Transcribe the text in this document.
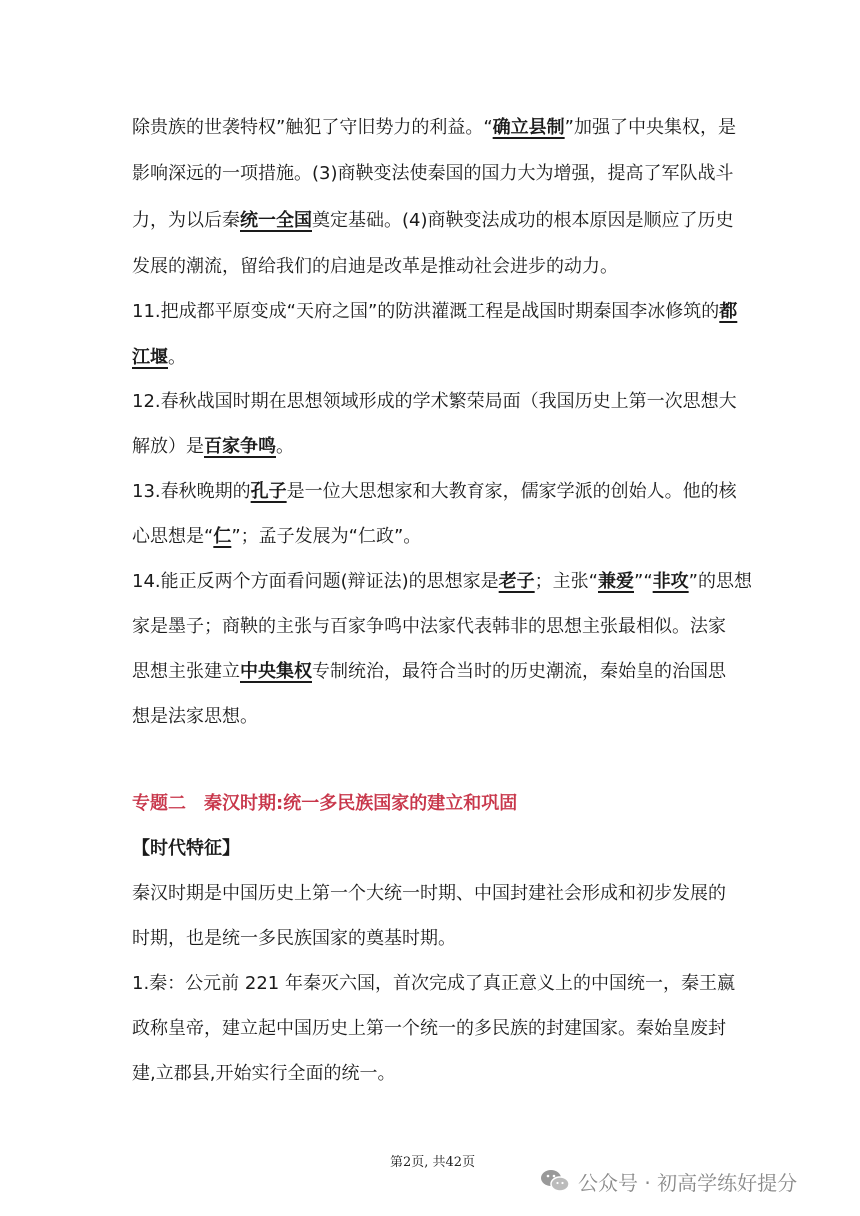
除贵族的世袭特权”触犯了守旧势力的利益。“确立县制”加强了中央集权，是
影响深远的一项措施。(3)商鞅变法使秦国的国力大为增强，提高了军队战斗
力，为以后秦统一全国奠定基础。(4)商鞅变法成功的根本原因是顺应了历史
发展的潮流，留给我们的启迪是改革是推动社会进步的动力。
11.把成都平原变成“天府之国”的防洪灌溉工程是战国时期秦国李冰修筑的都
江堰。
12.春秋战国时期在思想领域形成的学术繁荣局面（我国历史上第一次思想大
解放）是百家争鸣。
13.春秋晚期的孔子是一位大思想家和大教育家，儒家学派的创始人。他的核
心思想是“仁”；孟子发展为“仁政”。
14.能正反两个方面看问题(辩证法)的思想家是老子；主张“兼爱”“非攻”的思想
家是墨子；商鞅的主张与百家争鸣中法家代表韩非的思想主张最相似。法家
思想主张建立中央集权专制统治，最符合当时的历史潮流，秦始皇的治国思
想是法家思想。
专题二　秦汉时期:统一多民族国家的建立和巩固
【时代特征】
秦汉时期是中国历史上第一个大统一时期、中国封建社会形成和初步发展的
时期，也是统一多民族国家的奠基时期。
1.秦：公元前 221 年秦灭六国，首次完成了真正意义上的中国统一，秦王嬴
政称皇帝，建立起中国历史上第一个统一的多民族的封建国家。秦始皇废封
建,立郡县,开始实行全面的统一。
第2页, 共42页
公众号 · 初高学练好提分
